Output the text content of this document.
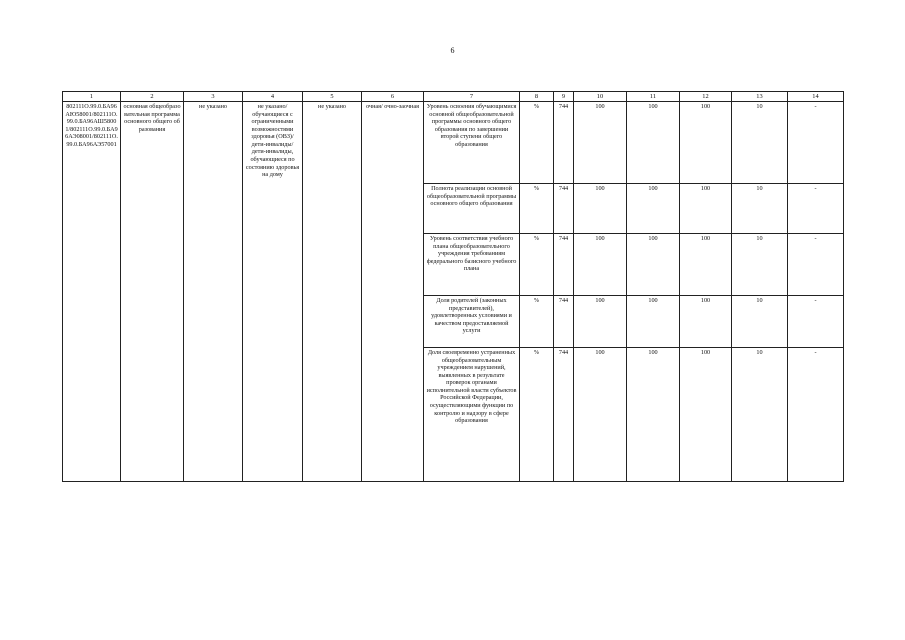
6
1	2	3	4	5	6	7	8	9	10	11	12	13	14
802111О.99.0.БА96АЮ58001/802111О.99.0.БА96АШ58001/802111О.99.0.БА96АЭ08001/802111О.99.0.БА96АЭ57001	основная общеобразовательная программа основного общего образования	не указано	не указано/ обучающиеся с ограниченными возможностями здоровья (ОВЗ)/ дети-инвалиды/ дети-инвалиды, обучающиеся по состоянию здоровья на дому	не указано	очная/ очно-заочная	Уровень освоения обучающимися основной общеобразовательной программы основного общего образования по завершении второй ступени общего образования	%	744	100	100	100	10	-
						Полнота реализации основной общеобразовательной программы основного общего образования	%	744	100	100	100	10	-
						Уровень соответствия учебного плана общеобразовательного учреждения требованиям федерального базисного учебного плана	%	744	100	100	100	10	-
						Доля родителей (законных представителей), удовлетворенных условиями и качеством предоставляемой услуги	%	744	100	100	100	10	-
						Доля своевременно устраненных общеобразовательным учреждением нарушений, выявленных в результате проверок органами исполнительной власти субъектов Российской Федерации, осуществляющими функции по контролю и надзору в сфере образования	%	744	100	100	100	10	-
